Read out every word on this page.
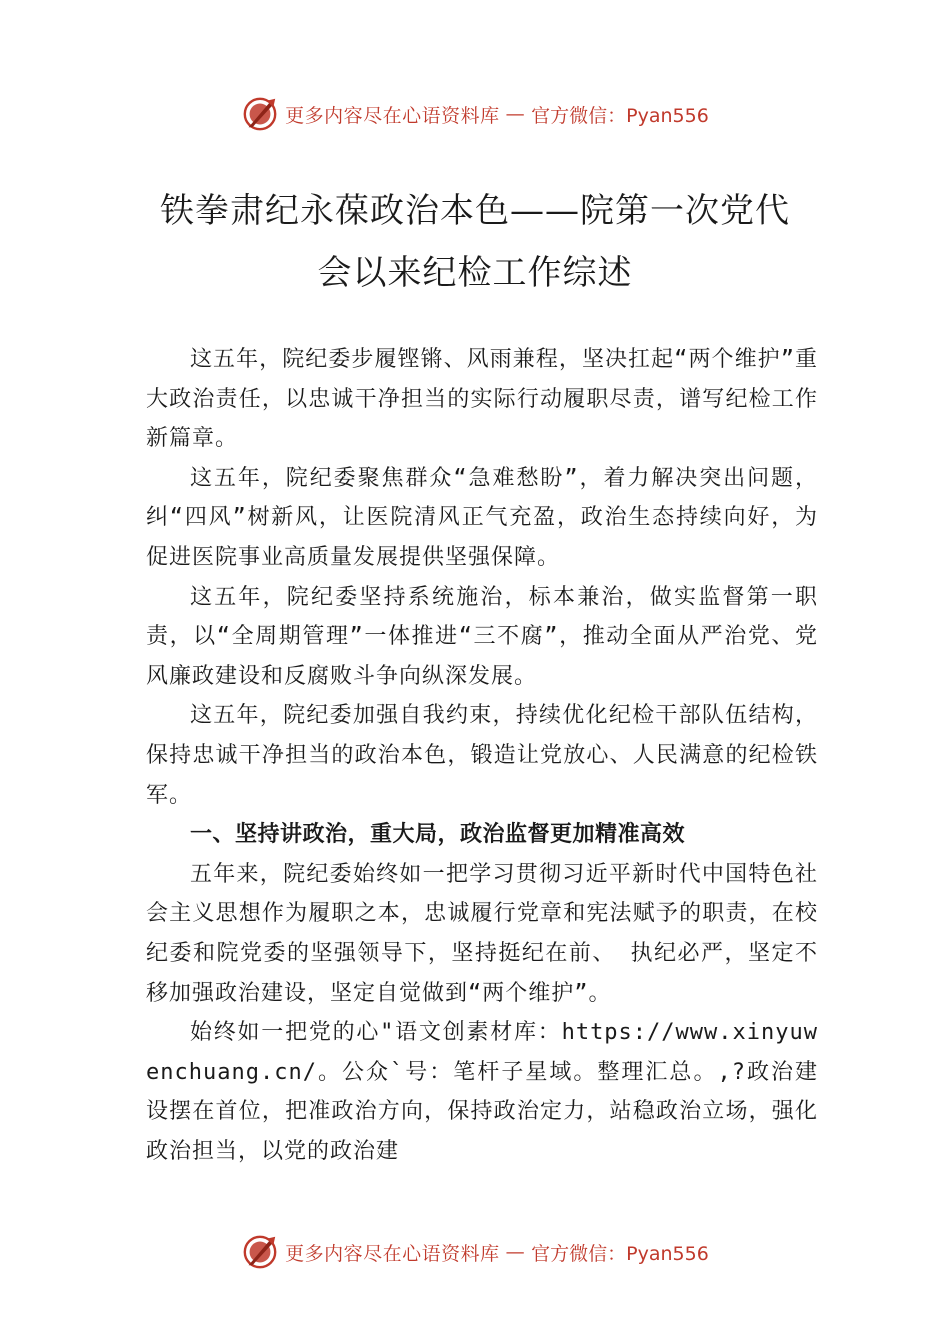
更多内容尽在心语资料库 — 官方微信：Pyan556
铁拳肃纪永葆政治本色——院第一次党代
会以来纪检工作综述

这五年，院纪委步履铿锵、风雨兼程，坚决扛起“两个维护”重大政治责任，以忠诚干净担当的实际行动履职尽责，谱写纪检工作新篇章。

这五年，院纪委聚焦群众“急难愁盼”，着力解决突出问题，纠“四风”树新风，让医院清风正气充盈，政治生态持续向好，为促进医院事业高质量发展提供坚强保障。

这五年，院纪委坚持系统施治，标本兼治，做实监督第一职责，以“全周期管理”一体推进“三不腐”，推动全面从严治党、党风廉政建设和反腐败斗争向纵深发展。

这五年，院纪委加强自我约束，持续优化纪检干部队伍结构，保持忠诚干净担当的政治本色，锻造让党放心、人民满意的纪检铁军。

一、坚持讲政治，重大局，政治监督更加精准高效

五年来，院纪委始终如一把学习贯彻习近平新时代中国特色社会主义思想作为履职之本，忠诚履行党章和宪法赋予的职责，在校纪委和院党委的坚强领导下，坚持挺纪在前、 执纪必严，坚定不移加强政治建设，坚定自觉做到“两个维护”。

始终如一把党的心"语文创素材库：https://www.xinyuwenchuang.cn/。公众`号：笔杆子星域。整理汇总。,?政治建设摆在首位，把准政治方向，保持政治定力，站稳政治立场，强化政治担当，以党的政治建

更多内容尽在心语资料库 — 官方微信：Pyan556
